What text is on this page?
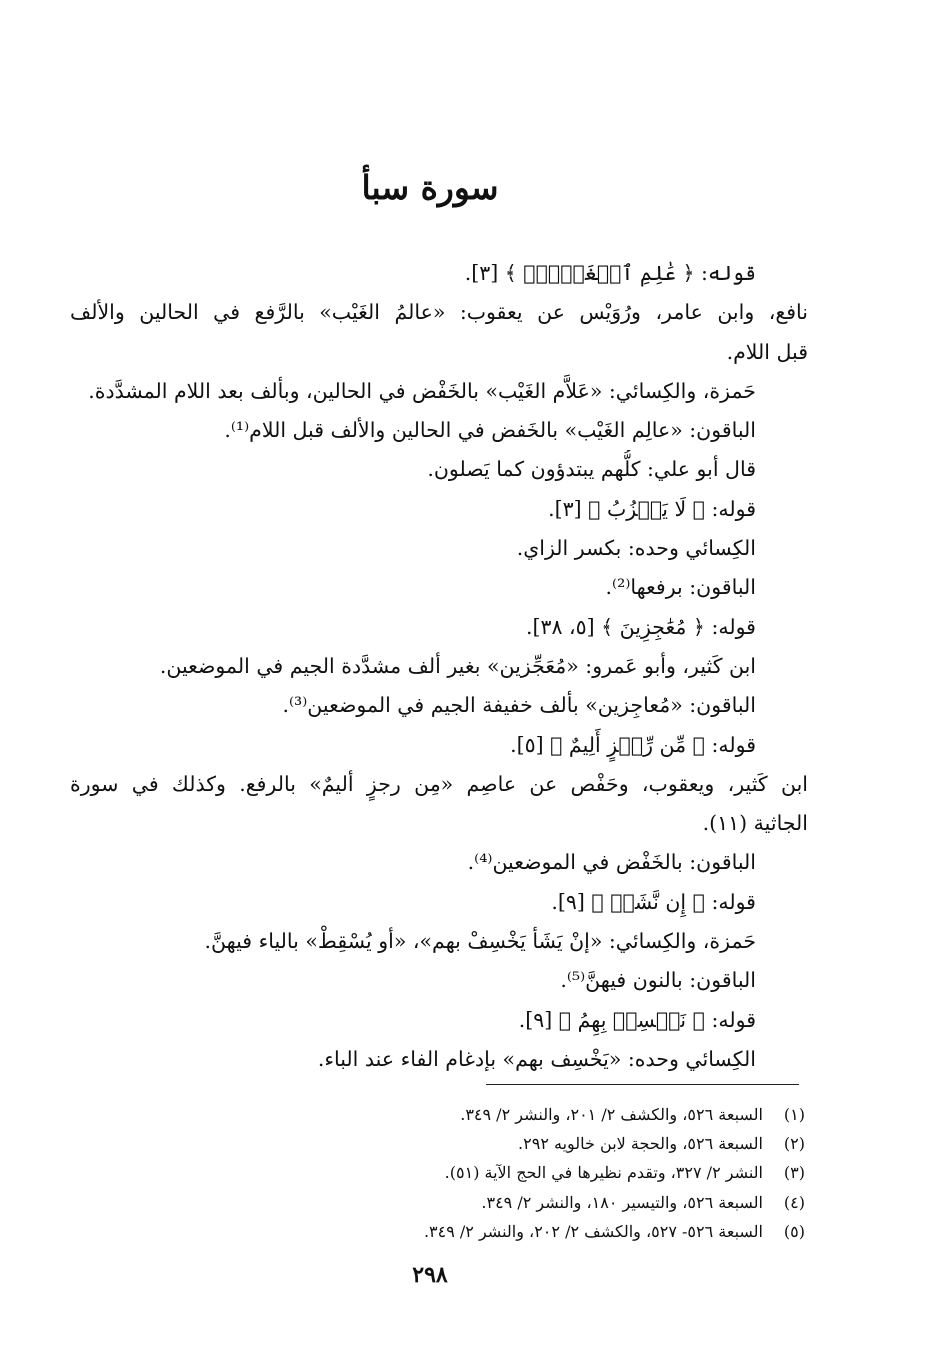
سورة سبأ
قوله: ﴿ عَٰلِمِ ٱلۡغَيۡبِۖ ﴾ [٣].
نافع، وابن عامر، ورُوَيْس عن يعقوب: «عالمُ الغَيْب» بالرَّفع في الحالين والألف
قبل اللام.
حَمزة، والكِسائي: «عَلاَّم الغَيْب» بالخَفْض في الحالين، وبألف بعد اللام المشدَّدة.
الباقون: «عالِم الغَيْب» بالخَفض في الحالين والألف قبل اللام⁽¹⁾.
قال أبو علي: كلُّهم يبتدؤون كما يَصلون.
قوله: ﴿ لَا يَعۡزُبُ ﴾ [٣].
الكِسائي وحده: بكسر الزاي.
الباقون: برفعها⁽²⁾.
قوله: ﴿ مُعَٰجِزِينَ ﴾ [٥، ٣٨].
ابن كَثير، وأبو عَمرو: «مُعَجِّزين» بغير ألف مشدَّدة الجيم في الموضعين.
الباقون: «مُعاجِزين» بألف خفيفة الجيم في الموضعين⁽³⁾.
قوله: ﴿ مِّن رِّجۡزٍ أَلِيمٌ ﴾ [٥].
ابن كَثير، ويعقوب، وحَفْص عن عاصِم «مِن رجزٍ أليمٌ» بالرفع. وكذلك في سورة
الجاثية (١١).
الباقون: بالخَفْض في الموضعين⁽⁴⁾.
قوله: ﴿ إِن نَّشَأۡ ﴾ [٩].
حَمزة، والكِسائي: «إنْ يَشَأ يَخْسِفْ بهم»، «أو يُسْقِطْ» بالياء فيهنَّ.
الباقون: بالنون فيهنَّ⁽⁵⁾.
قوله: ﴿ نَخۡسِفۡ بِهِمُ ﴾ [٩].
الكِسائي وحده: «يَخْسِف بهم» بإدغام الفاء عند الباء.
(١)السبعة ٥٢٦، والكشف ٢/ ٢٠١، والنشر ٢/ ٣٤٩.
(٢)السبعة ٥٢٦، والحجة لابن خالويه ٢٩٢.
(٣)النشر ٢/ ٣٢٧، وتقدم نظيرها في الحج الآية (٥١).
(٤)السبعة ٥٢٦، والتيسير ١٨٠، والنشر ٢/ ٣٤٩.
(٥)السبعة ٥٢٦- ٥٢٧، والكشف ٢/ ٢٠٢، والنشر ٢/ ٣٤٩.
٢٩٨
